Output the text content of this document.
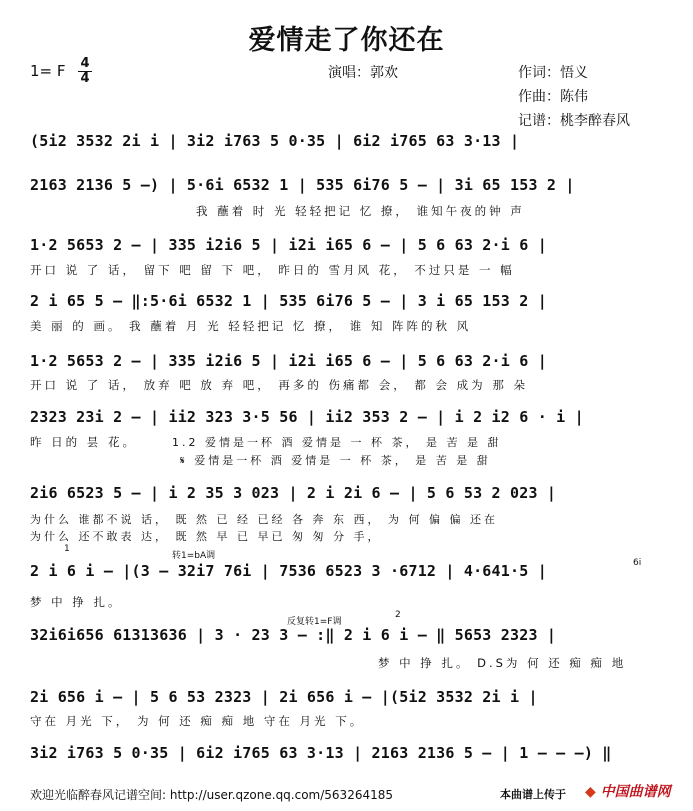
爱情走了你还在
1= F 4
4	演唱：郭欢	作词：悟义
作曲：陈伟
记谱：桃李醉春风
(5i2 3532 2i i | 3i2 i763 5 0·35 | 6i2 i765 63 3·13 |
2163 2136 5 –) | 5·6i 6532 1 | 535 6i76 5 – | 3i 65 153 2 |
我 蘸着 时 光 轻轻把记 忆 撩， 谁知午夜的钟 声
1·2 5653 2 – | 335 i2i6 5 | i2i i65 6 – | 5 6 63 2·i 6 |
开口 说 了 话， 留下 吧 留 下 吧， 昨日的 雪月风 花， 不过只是 一 幅
2 i 65 5 – ‖:5·6i 6532 1 | 535 6i76 5 – | 3 i 65 153 2 |
美 丽 的 画。 我 蘸着 月 光 轻轻把记 忆 撩， 谁 知 阵阵的秋 风
1·2 5653 2 – | 335 i2i6 5 | i2i i65 6 – | 5 6 63 2·i 6 |
开口 说 了 话， 放弃 吧 放 弃 吧， 再多的 伤痛都 会， 都 会 成为 那 朵
2323 23i 2 – | ii2 323 3·5 56 | ii2 353 2 – | i 2 i2 6 · i |
昨 日的 昙 花。	1.2 爱情是一杯 酒 爱情是 一 杯 茶， 是 苦 是 甜
𝄋 爱情是一杯 酒 爱情是 一 杯 茶， 是 苦 是 甜
2i6 6523 5 – | i 2 35 3 023 | 2 i 2i 6 – | 5 6 53 2 023 |
为什么 谁都不说 话， 既 然 已 经 已经 各 奔 东 西， 为 何 偏 偏 还在
为什么 还不敢表 达， 既 然 早 已 早已 匆 匆 分 手，
1
转1=bA调
6i
2 i 6 i – |(3 – 32i7 76i | 7536 6523 3 ·6712 | 4·641·5 |
梦 中 挣 扎。
反复转1=F调
2
32i6i656 61313636 | 3 · 23 3 – :‖ 2 i 6 i – ‖ 5653 2323 |
梦 中 挣 扎。 D.S为 何 还 痴 痴 地
2i 656 i – | 5 6 53 2323 | 2i 656 i – |(5i2 3532 2i i |
守在 月光 下， 为 何 还 痴 痴 地 守在 月光 下。
3i2 i763 5 0·35 | 6i2 i765 63 3·13 | 2163 2136 5 – | 1 – – –) ‖
欢迎光临醉春风记谱空间: http://user.qzone.qq.com/563264185	本曲谱上传于 ◆ 中国曲谱网
